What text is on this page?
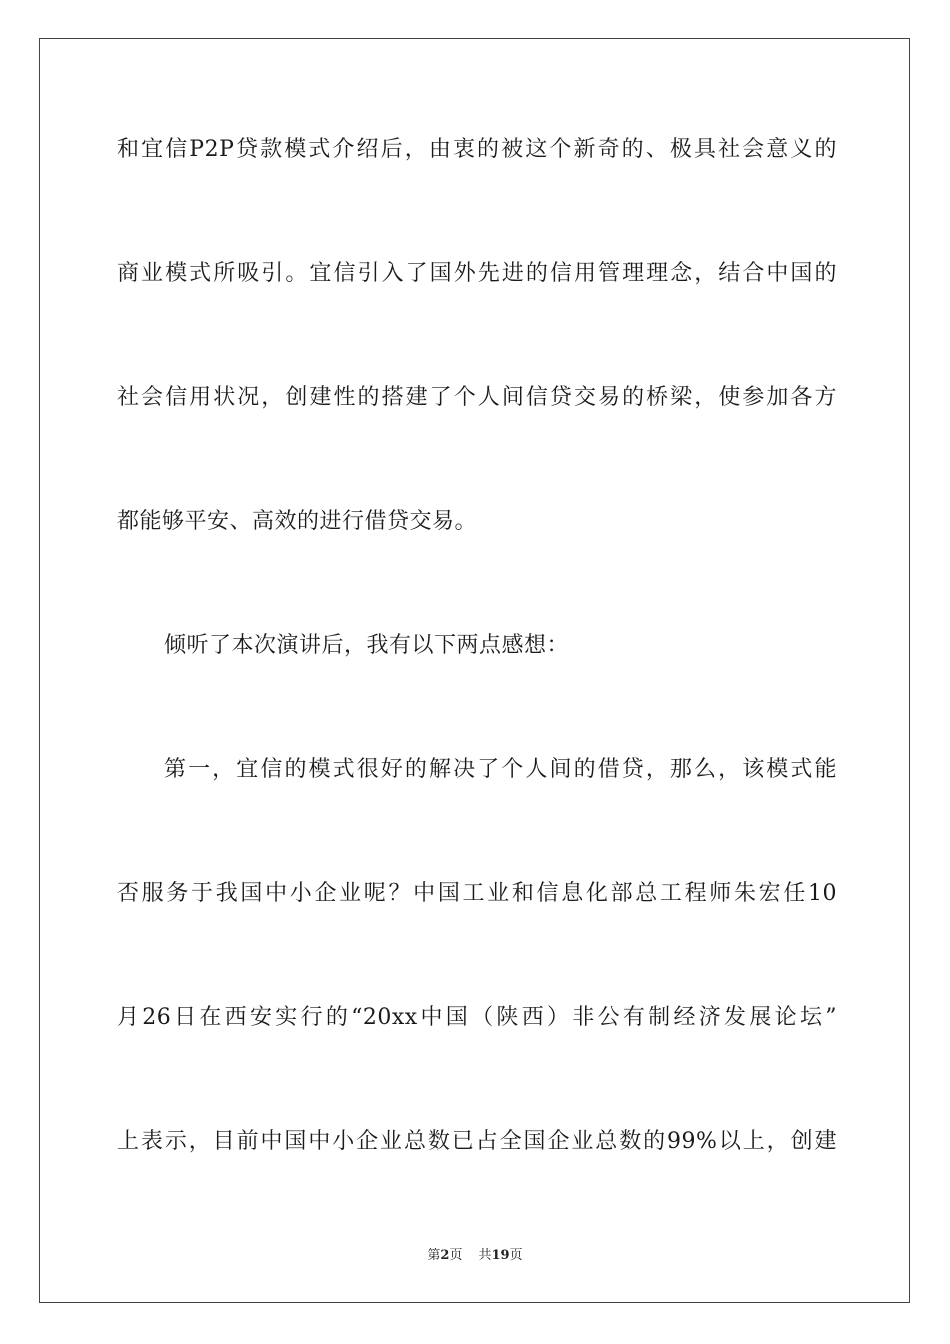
和宜信P2P贷款模式介绍后，由衷的被这个新奇的、极具社会意义的
商业模式所吸引。宜信引入了国外先进的信用管理理念，结合中国的
社会信用状况，创建性的搭建了个人间信贷交易的桥梁，使参加各方
都能够平安、高效的进行借贷交易。
倾听了本次演讲后，我有以下两点感想：
第一，宜信的模式很好的解决了个人间的借贷，那么，该模式能
否服务于我国中小企业呢？中国工业和信息化部总工程师朱宏任10
月26日在西安实行的“20xx中国（陕西）非公有制经济发展论坛”
上表示，目前中国中小企业总数已占全国企业总数的99%以上，创建
第2页 共19页
